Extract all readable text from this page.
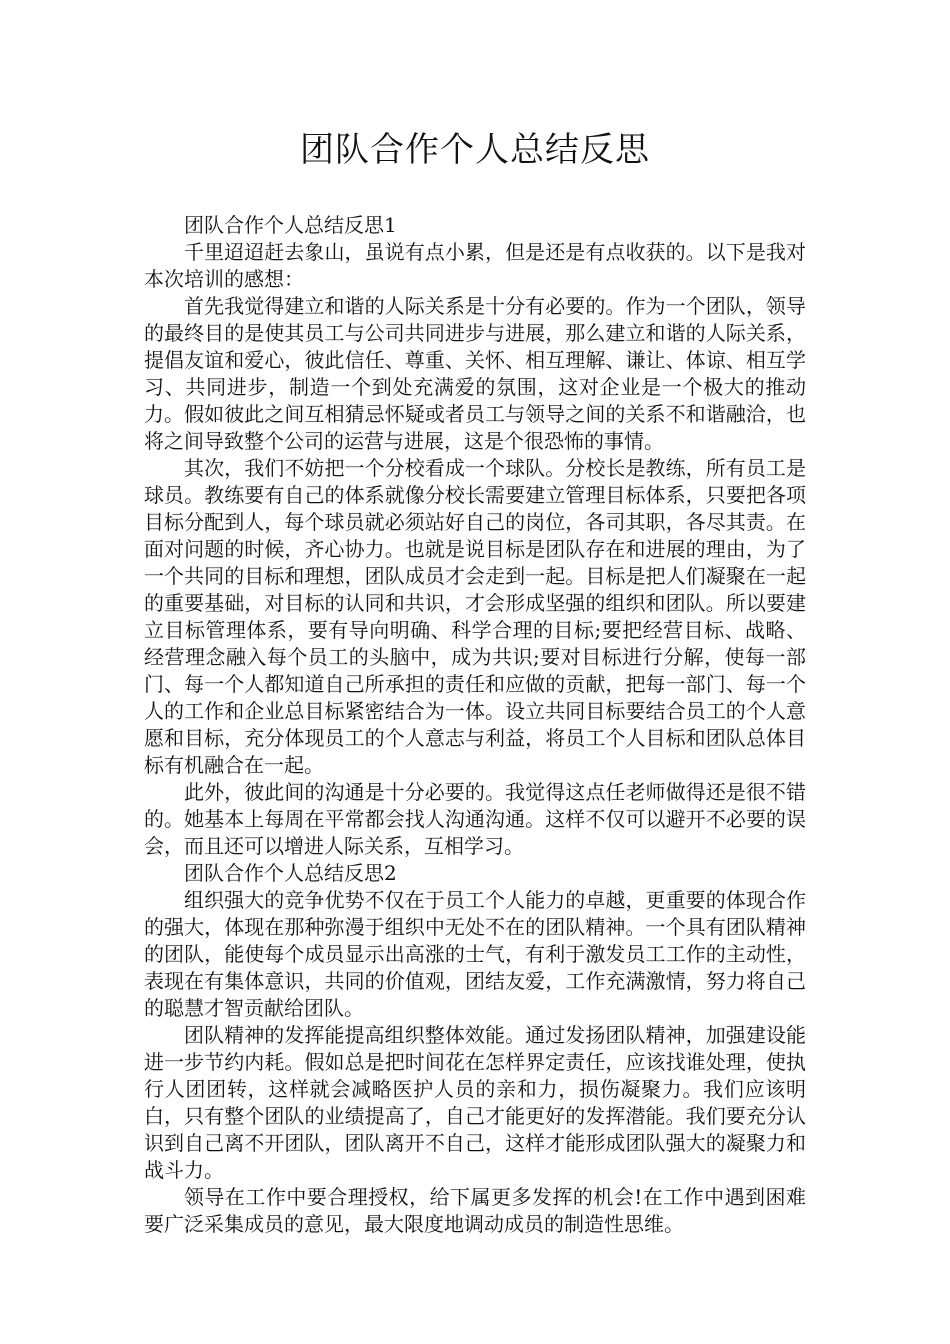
团队合作个人总结反思

团队合作个人总结反思1

千里迢迢赶去象山，虽说有点小累，但是还是有点收获的。以下是我对本次培训的感想：

首先我觉得建立和谐的人际关系是十分有必要的。作为一个团队，领导的最终目的是使其员工与公司共同进步与进展，那么建立和谐的人际关系，提倡友谊和爱心，彼此信任、尊重、关怀、相互理解、谦让、体谅、相互学习、共同进步，制造一个到处充满爱的氛围，这对企业是一个极大的推动力。假如彼此之间互相猜忌怀疑或者员工与领导之间的关系不和谐融洽，也将之间导致整个公司的运营与进展，这是个很恐怖的事情。

其次，我们不妨把一个分校看成一个球队。分校长是教练，所有员工是球员。教练要有自己的体系就像分校长需要建立管理目标体系，只要把各项目标分配到人，每个球员就必须站好自己的岗位，各司其职，各尽其责。在面对问题的时候，齐心协力。也就是说目标是团队存在和进展的理由，为了一个共同的目标和理想，团队成员才会走到一起。目标是把人们凝聚在一起的重要基础，对目标的认同和共识，才会形成坚强的组织和团队。所以要建立目标管理体系，要有导向明确、科学合理的目标;要把经营目标、战略、经营理念融入每个员工的头脑中，成为共识;要对目标进行分解，使每一部门、每一个人都知道自己所承担的责任和应做的贡献，把每一部门、每一个人的工作和企业总目标紧密结合为一体。设立共同目标要结合员工的个人意愿和目标，充分体现员工的个人意志与利益，将员工个人目标和团队总体目标有机融合在一起。

此外，彼此间的沟通是十分必要的。我觉得这点任老师做得还是很不错的。她基本上每周在平常都会找人沟通沟通。这样不仅可以避开不必要的误会，而且还可以增进人际关系，互相学习。

团队合作个人总结反思2

组织强大的竞争优势不仅在于员工个人能力的卓越，更重要的体现合作的强大，体现在那种弥漫于组织中无处不在的团队精神。一个具有团队精神的团队，能使每个成员显示出高涨的士气，有利于激发员工工作的主动性，表现在有集体意识，共同的价值观，团结友爱，工作充满激情，努力将自己的聪慧才智贡献给团队。

团队精神的发挥能提高组织整体效能。通过发扬团队精神，加强建设能进一步节约内耗。假如总是把时间花在怎样界定责任，应该找谁处理，使执行人团团转，这样就会减略医护人员的亲和力，损伤凝聚力。我们应该明白，只有整个团队的业绩提高了，自己才能更好的发挥潜能。我们要充分认识到自己离不开团队，团队离开不自己，这样才能形成团队强大的凝聚力和战斗力。

领导在工作中要合理授权，给下属更多发挥的机会!在工作中遇到困难要广泛采集成员的意见，最大限度地调动成员的制造性思维。
